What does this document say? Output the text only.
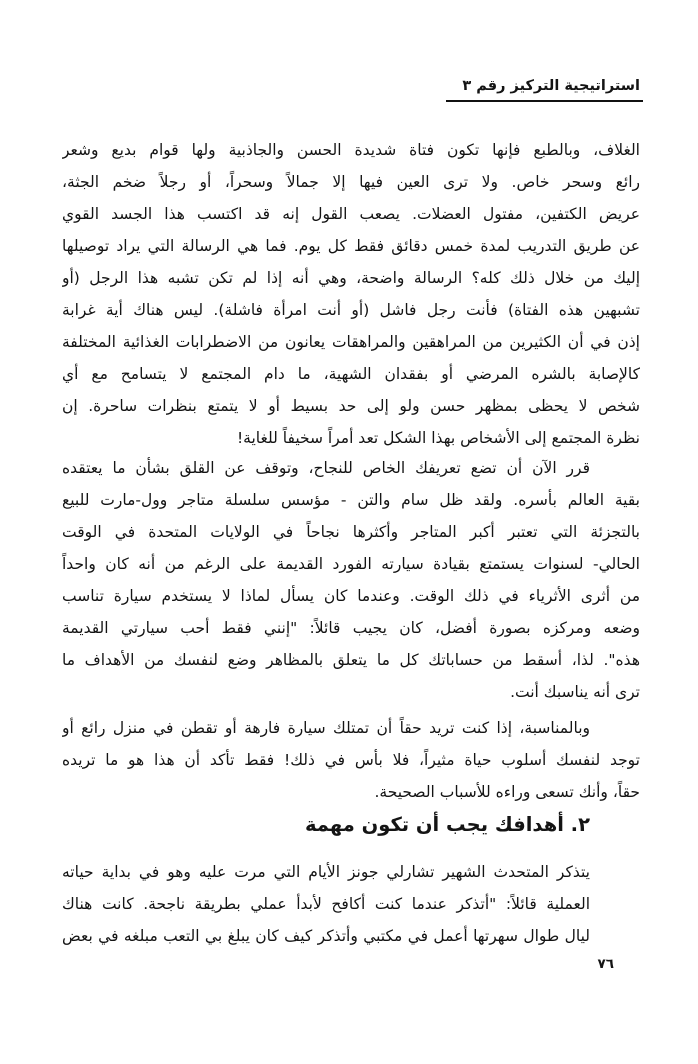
استراتيجية التركيز رقم ٣
الغلاف، وبالطبع فإنها تكون فتاة شديدة الحسن والجاذبية ولها قوام بديع وشعر
رائع وسحر خاص. ولا ترى العين فيها إلا جمالاً وسحراً، أو رجلاً ضخم الجثة،
عريض الكتفين، مفتول العضلات. يصعب القول إنه قد اكتسب هذا الجسد القوي
عن طريق التدريب لمدة خمس دقائق فقط كل يوم. فما هي الرسالة التي يراد توصيلها
إليك من خلال ذلك كله؟ الرسالة واضحة، وهي أنه إذا لم تكن تشبه هذا الرجل (أو
تشبهين هذه الفتاة) فأنت رجل فاشل (أو أنت امرأة فاشلة). ليس هناك أية غرابة
إذن في أن الكثيرين من المراهقين والمراهقات يعانون من الاضطرابات الغذائية المختلفة
كالإصابة بالشره المرضي أو بفقدان الشهية، ما دام المجتمع لا يتسامح مع أي
شخص لا يحظى بمظهر حسن ولو إلى حد بسيط أو لا يتمتع بنظرات ساحرة. إن
نظرة المجتمع إلى الأشخاص بهذا الشكل تعد أمراً سخيفاً للغاية!
قرر الآن أن تضع تعريفك الخاص للنجاح، وتوقف عن القلق بشأن ما يعتقده
بقية العالم بأسره. ولقد ظل سام والتن - مؤسس سلسلة متاجر وول-مارت للبيع
بالتجزئة التي تعتبر أكبر المتاجر وأكثرها نجاحاً في الولايات المتحدة في الوقت
الحالي- لسنوات يستمتع بقيادة سيارته الفورد القديمة على الرغم من أنه كان واحداً
من أثرى الأثرياء في ذلك الوقت. وعندما كان يسأل لماذا لا يستخدم سيارة تناسب
وضعه ومركزه بصورة أفضل، كان يجيب قائلاً: "إنني فقط أحب سيارتي القديمة
هذه". لذا، أسقط من حساباتك كل ما يتعلق بالمظاهر وضع لنفسك من الأهداف ما
ترى أنه يناسبك أنت.
وبالمناسبة، إذا كنت تريد حقاً أن تمتلك سيارة فارهة أو تقطن في منزل رائع أو
توجد لنفسك أسلوب حياة مثيراً، فلا بأس في ذلك! فقط تأكد أن هذا هو ما تريده
حقاً، وأنك تسعى وراءه للأسباب الصحيحة.
٢. أهدافك يجب أن تكون مهمة
يتذكر المتحدث الشهير تشارلي جونز الأيام التي مرت عليه وهو في بداية حياته
العملية قائلاً: "أتذكر عندما كنت أكافح لأبدأ عملي بطريقة ناجحة. كانت هناك
ليال طوال سهرتها أعمل في مكتبي وأتذكر كيف كان يبلغ بي التعب مبلغه في بعض
٧٦
